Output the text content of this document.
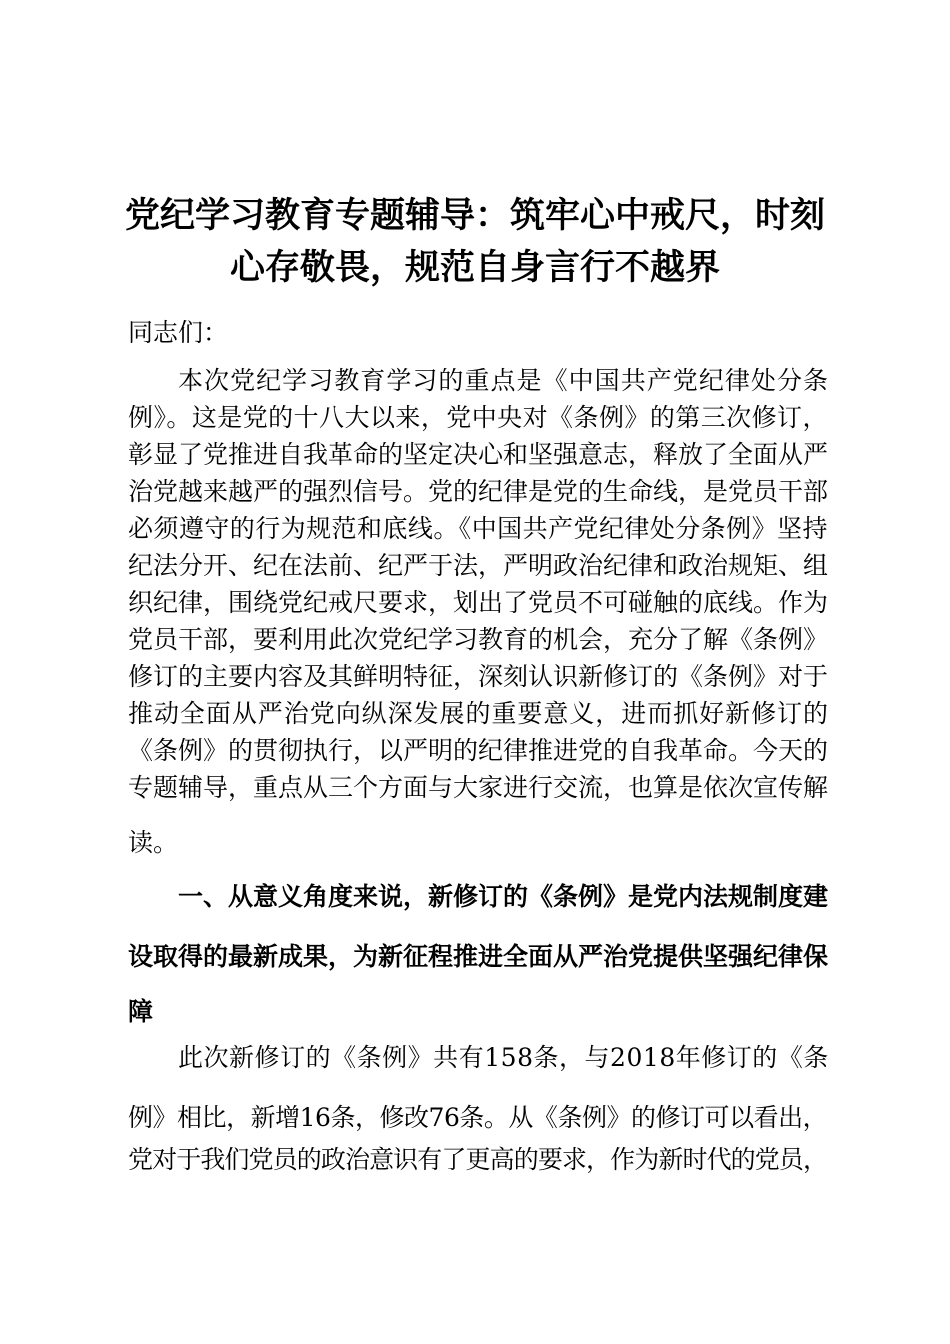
党纪学习教育专题辅导：筑牢心中戒尺，时刻
心存敬畏，规范自身言行不越界
同志们：
本次党纪学习教育学习的重点是《中国共产党纪律处分条
例》。这是党的十八大以来，党中央对《条例》的第三次修订，
彰显了党推进自我革命的坚定决心和坚强意志，释放了全面从严
治党越来越严的强烈信号。党的纪律是党的生命线，是党员干部
必须遵守的行为规范和底线。《中国共产党纪律处分条例》坚持
纪法分开、纪在法前、纪严于法，严明政治纪律和政治规矩、组
织纪律，围绕党纪戒尺要求，划出了党员不可碰触的底线。作为
党员干部，要利用此次党纪学习教育的机会，充分了解《条例》
修订的主要内容及其鲜明特征，深刻认识新修订的《条例》对于
推动全面从严治党向纵深发展的重要意义，进而抓好新修订的
《条例》的贯彻执行，以严明的纪律推进党的自我革命。今天的
专题辅导，重点从三个方面与大家进行交流，也算是依次宣传解
读。
一、从意义角度来说，新修订的《条例》是党内法规制度建
设取得的最新成果，为新征程推进全面从严治党提供坚强纪律保
障
此次新修订的《条例》共有158条，与2018年修订的《条
例》相比，新增16条，修改76条。从《条例》的修订可以看出，
党对于我们党员的政治意识有了更高的要求，作为新时代的党员，
